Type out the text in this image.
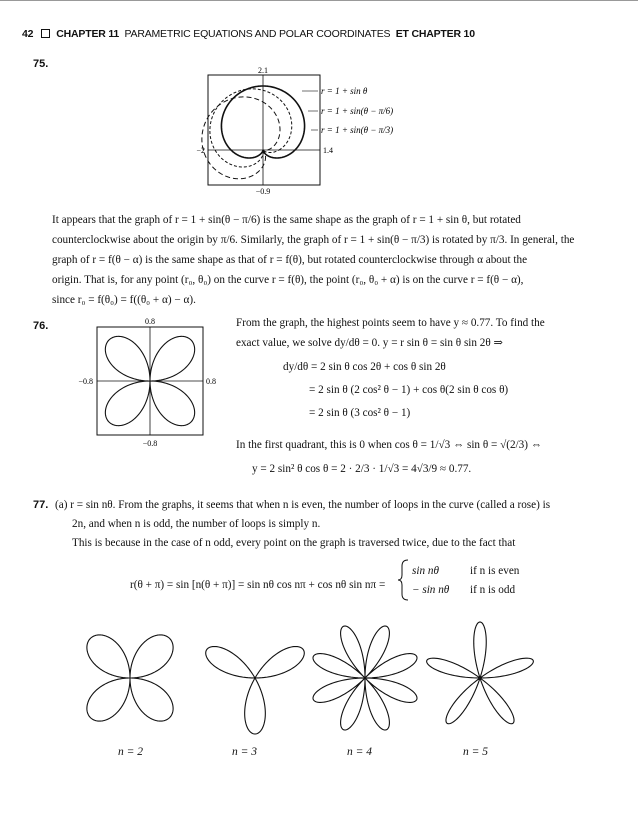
42 CHAPTER 11 PARAMETRIC EQUATIONS AND POLAR COORDINATES ET CHAPTER 10
75.
2.1
−0.9
−2	1.4
r = 1 + sin θ
r = 1 + sin(θ − π/6)
r = 1 + sin(θ − π/3)
It appears that the graph of r = 1 + sin(θ − π/6) is the same shape as the graph of r = 1 + sin θ, but rotated
counterclockwise about the origin by π/6. Similarly, the graph of r = 1 + sin(θ − π/3) is rotated by π/3. In general, the
graph of r = f(θ − α) is the same shape as that of r = f(θ), but rotated counterclockwise through α about the
origin. That is, for any point (r₀, θ₀) on the curve r = f(θ), the point (r₀, θ₀ + α) is on the curve r = f(θ − α),
since r₀ = f(θ₀) = f((θ₀ + α) − α).
76.	0.8
−0.8
−0.8	0.8
From the graph, the highest points seem to have y ≈ 0.77. To find the
exact value, we solve dy/dθ = 0. y = r sin θ = sin θ sin 2θ ⇒
dy/dθ = 2 sin θ cos 2θ + cos θ sin 2θ
= 2 sin θ (2 cos² θ − 1) + cos θ(2 sin θ cos θ)
= 2 sin θ (3 cos² θ − 1)
In the first quadrant, this is 0 when cos θ = 1/√3 ⇔ sin θ = √(2/3) ⇔
y = 2 sin² θ cos θ = 2 · 2/3 · 1/√3 = 4√3/9 ≈ 0.77.
77. (a) r = sin nθ. From the graphs, it seems that when n is even, the number of loops in the curve (called a rose) is
2n, and when n is odd, the number of loops is simply n.
This is because in the case of n odd, every point on the graph is traversed twice, due to the fact that
r(θ + π) = sin [n(θ + π)] = sin nθ cos nπ + cos nθ sin nπ =
sin nθ	if n is even
− sin nθ if n is odd
n = 2	n = 3	n = 4	n = 5
